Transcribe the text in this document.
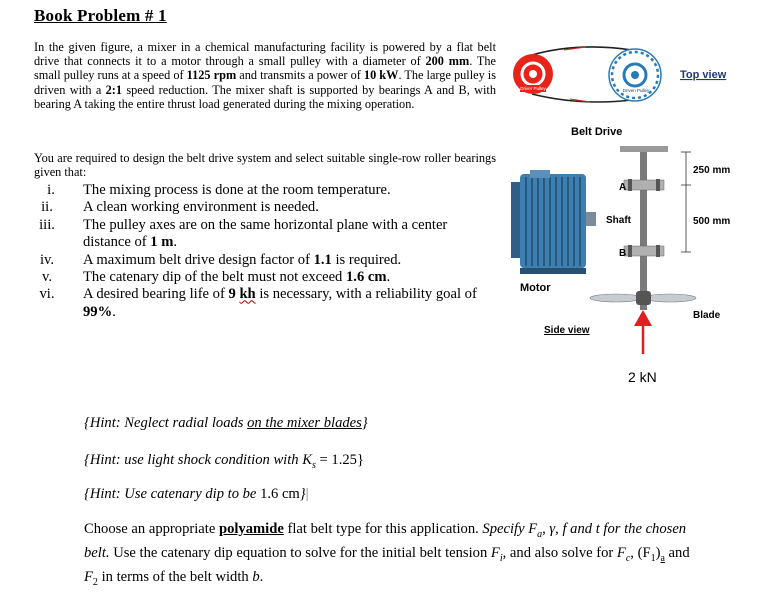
Book Problem # 1
In the given figure, a mixer in a chemical manufacturing facility is powered by a flat belt drive that connects it to a motor through a small pulley with a diameter of 200 mm. The small pulley runs at a speed of 1125 rpm and transmits a power of 10 kW. The large pulley is driven with a 2:1 speed reduction. The mixer shaft is supported by bearings A and B, with bearing A taking the entire thrust load generated during the mixing operation.
You are required to design the belt drive system and select suitable single-row roller bearings given that:
i.	The mixing process is done at the room temperature.
ii.	A clean working environment is needed.
iii.	The pulley axes are on the same horizontal plane with a center distance of 1 m.
iv.	A maximum belt drive design factor of 1.1 is required.
v.	The catenary dip of the belt must not exceed 1.6 cm.
vi.	A desired bearing life of 9 kh is necessary, with a reliability goal of 99%.
Driver Pulley	Driven Pulley
Top view
Belt Drive
Motor
A
Shaft
B
250 mm
500 mm
Blade
Side view
2 kN
{Hint: Neglect radial loads on the mixer blades}
{Hint: use light shock condition with $K_s = 1.25$}
{Hint: Use catenary dip to be 1.6 cm}|
Choose an appropriate polyamide flat belt type for this application. Specify $F_a$, γ, f and t for the chosen belt. Use the catenary dip equation to solve for the initial belt tension $F_i$, and also solve for $F_c$, $(F_1)_a$ and $F_2$ in terms of the belt width b.
